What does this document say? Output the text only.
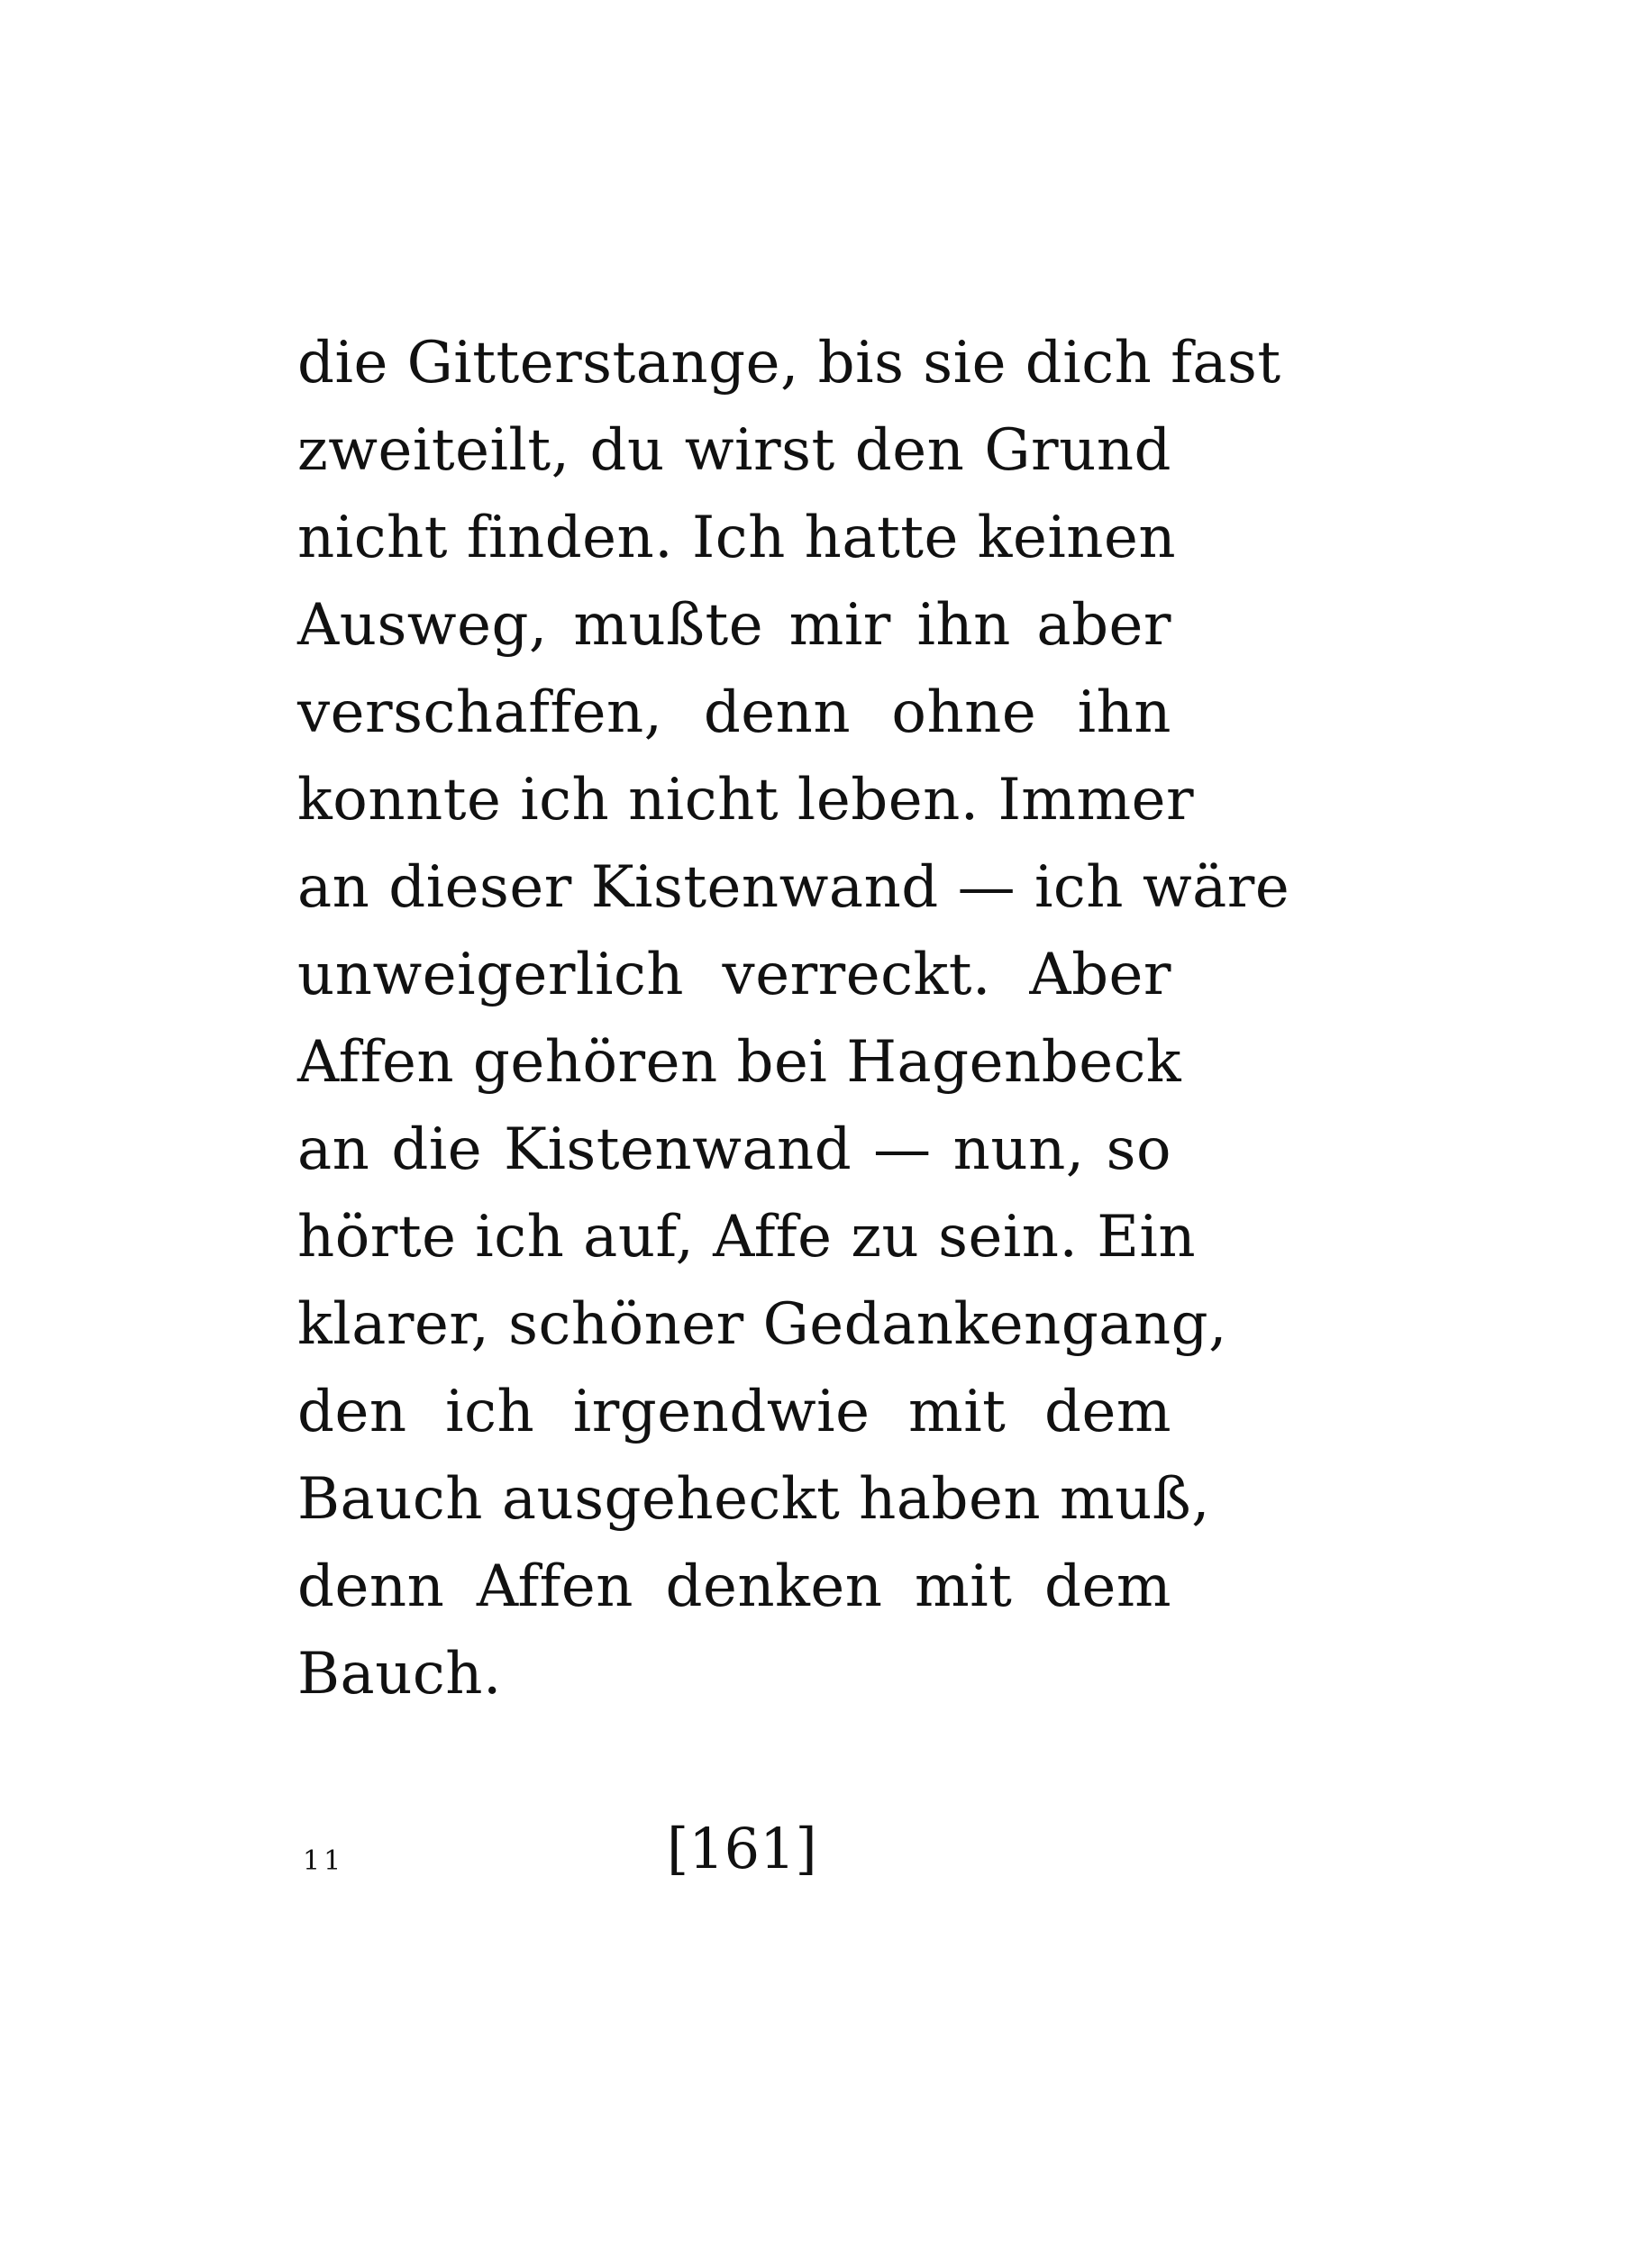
die Gitterstange, bis sie dich fast
zweiteilt, du wirst den Grund
nicht finden. Ich hatte keinen
Ausweg, mußte mir ihn aber
verschaffen, denn ohne ihn
konnte ich nicht leben. Immer
an dieser Kistenwand — ich wäre
unweigerlich verreckt. Aber
Affen gehören bei Hagenbeck
an die Kistenwand — nun, so
hörte ich auf, Affe zu sein. Ein
klarer, schöner Gedankengang,
den ich irgendwie mit dem
Bauch ausgeheckt haben muß,
denn Affen denken mit dem
Bauch.
11	[161]
